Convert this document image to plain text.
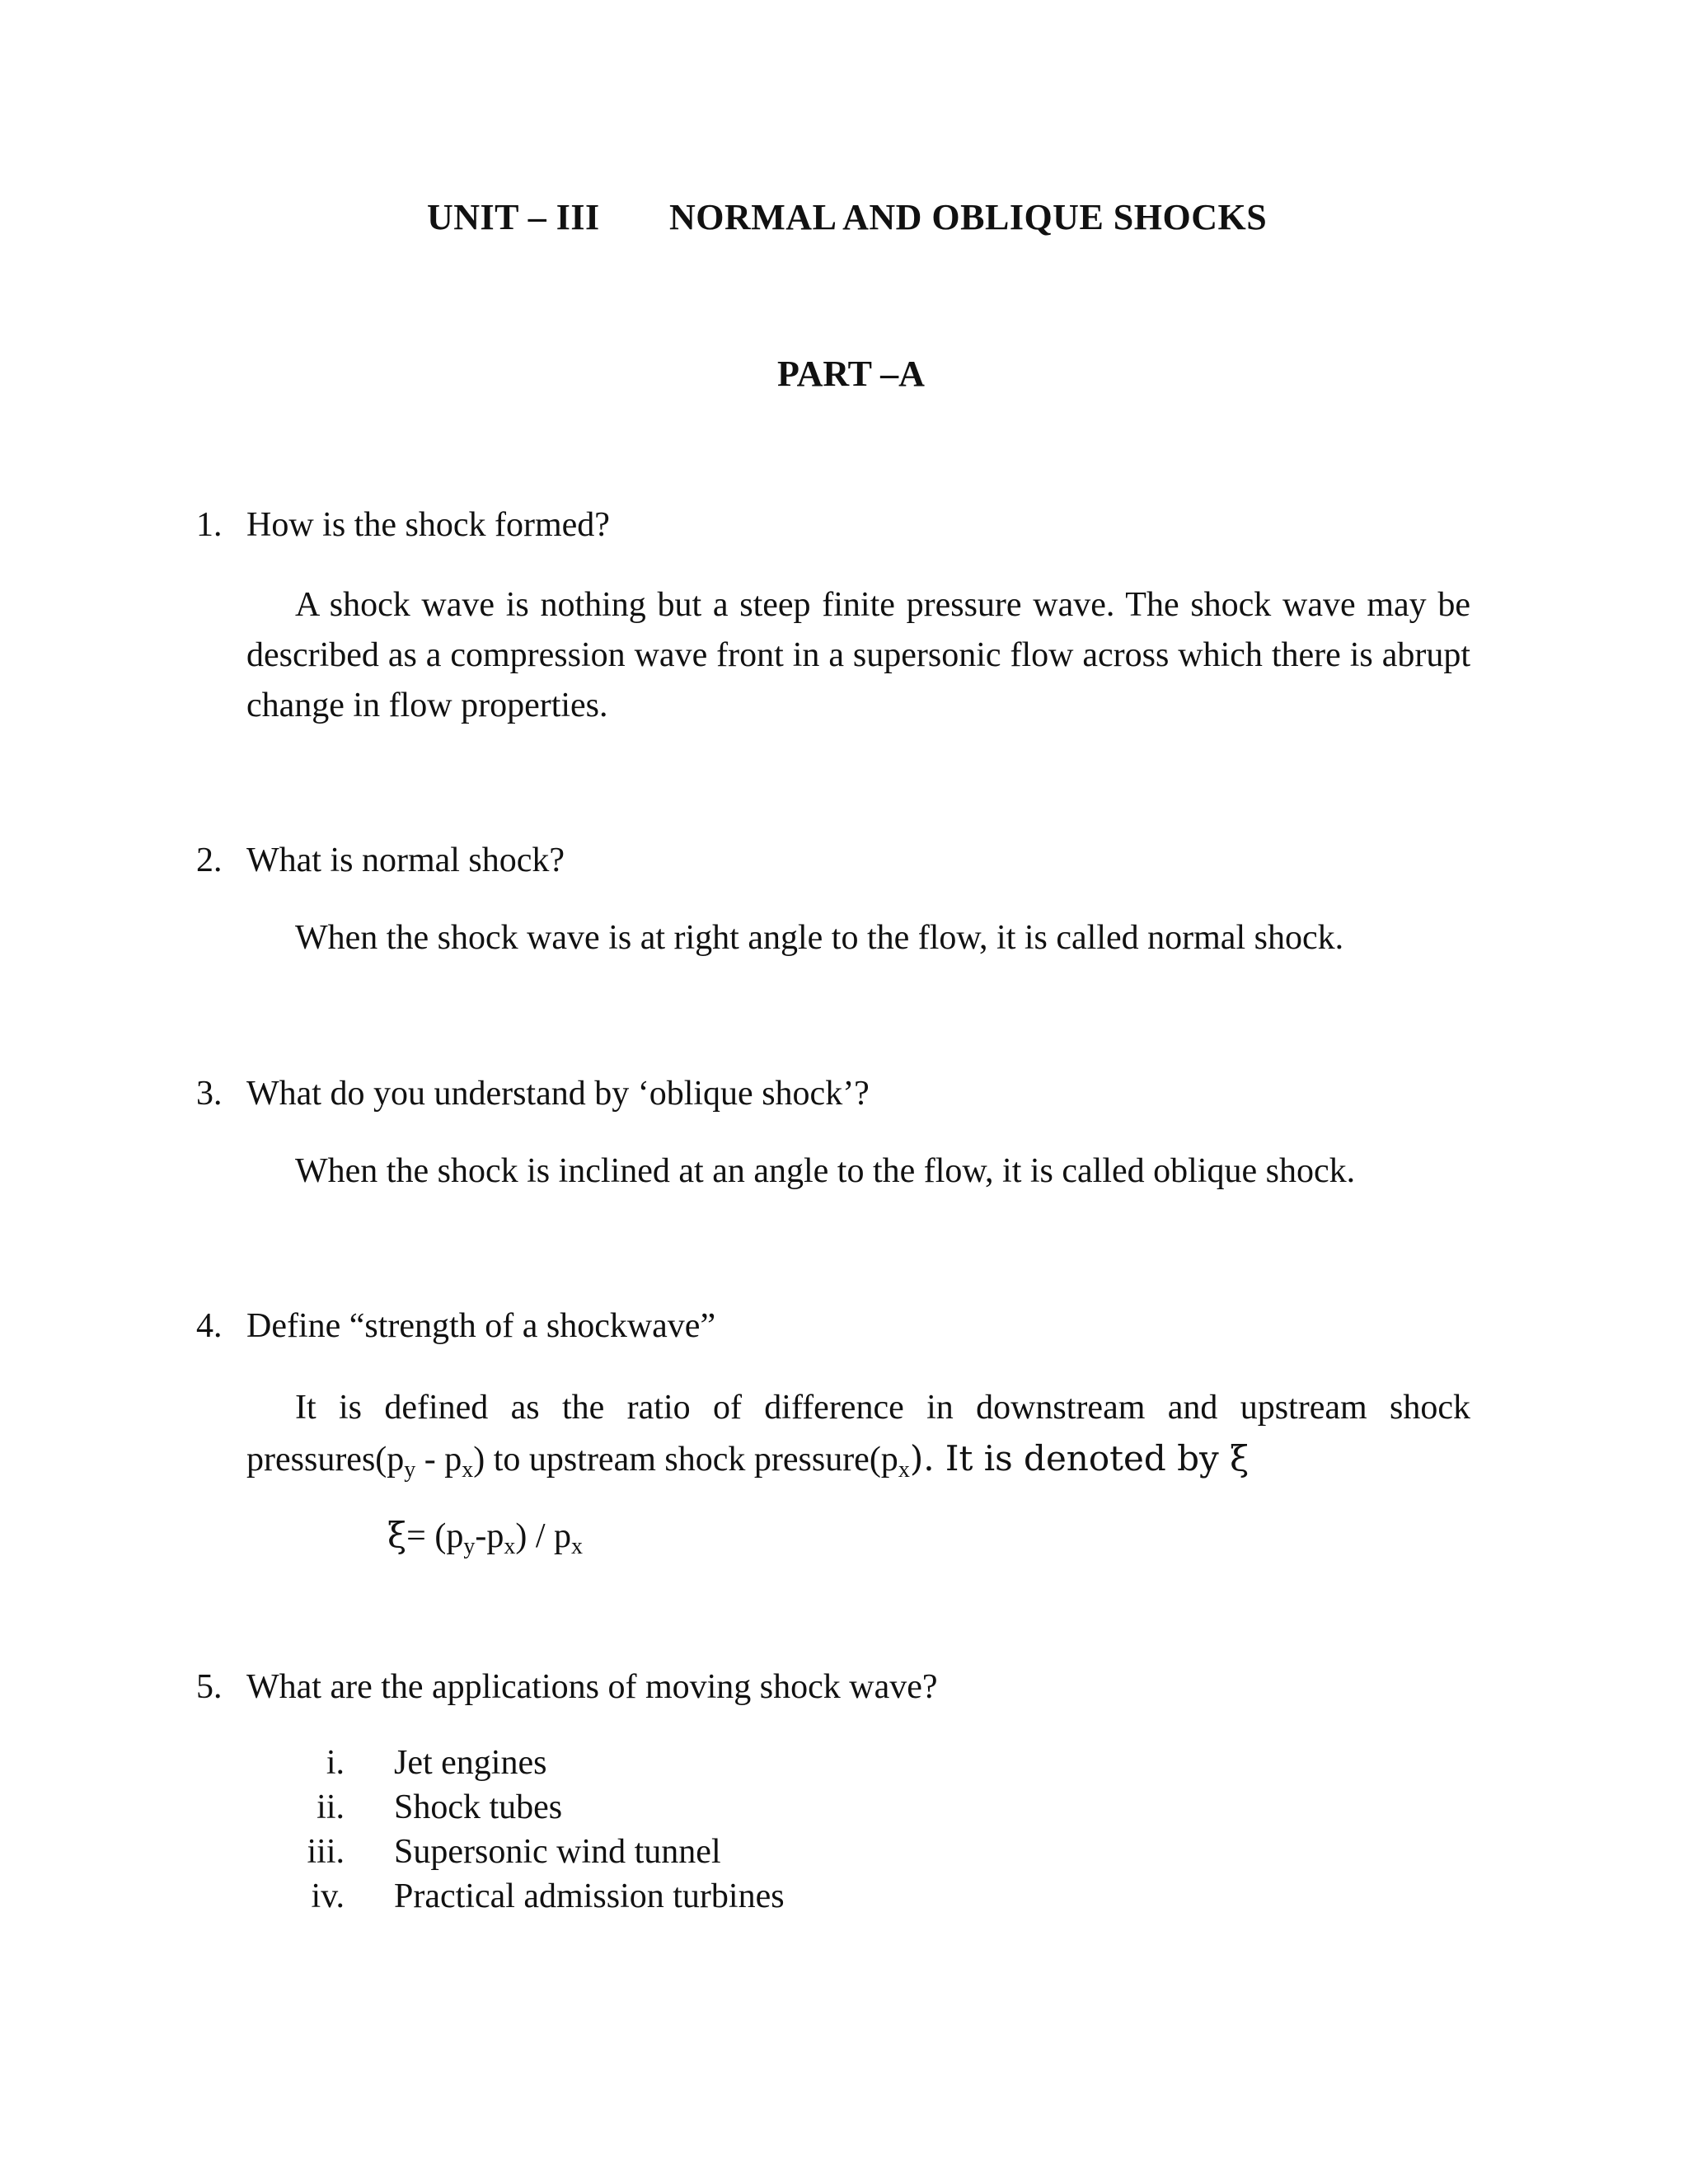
UNIT – III NORMAL AND OBLIQUE SHOCKS
PART –A
1. How is the shock formed?
A shock wave is nothing but a steep finite pressure wave. The shock wave may be described as a compression wave front in a supersonic flow across which there is abrupt change in flow properties.
2. What is normal shock?
When the shock wave is at right angle to the flow, it is called normal shock.
3. What do you understand by ‘oblique shock’?
When the shock is inclined at an angle to the flow, it is called oblique shock.
4. Define “strength of a shockwave”
It is defined as the ratio of difference in downstream and upstream shock $pressures(p_y - p_x)$ to upstream shock $pressure(p_x)$. It is denoted by ξ
$\xi= (p_y-p_x) / p_x$
5. What are the applications of moving shock wave?
i. Jet engines
ii. Shock tubes
iii. Supersonic wind tunnel
iv. Practical admission turbines
